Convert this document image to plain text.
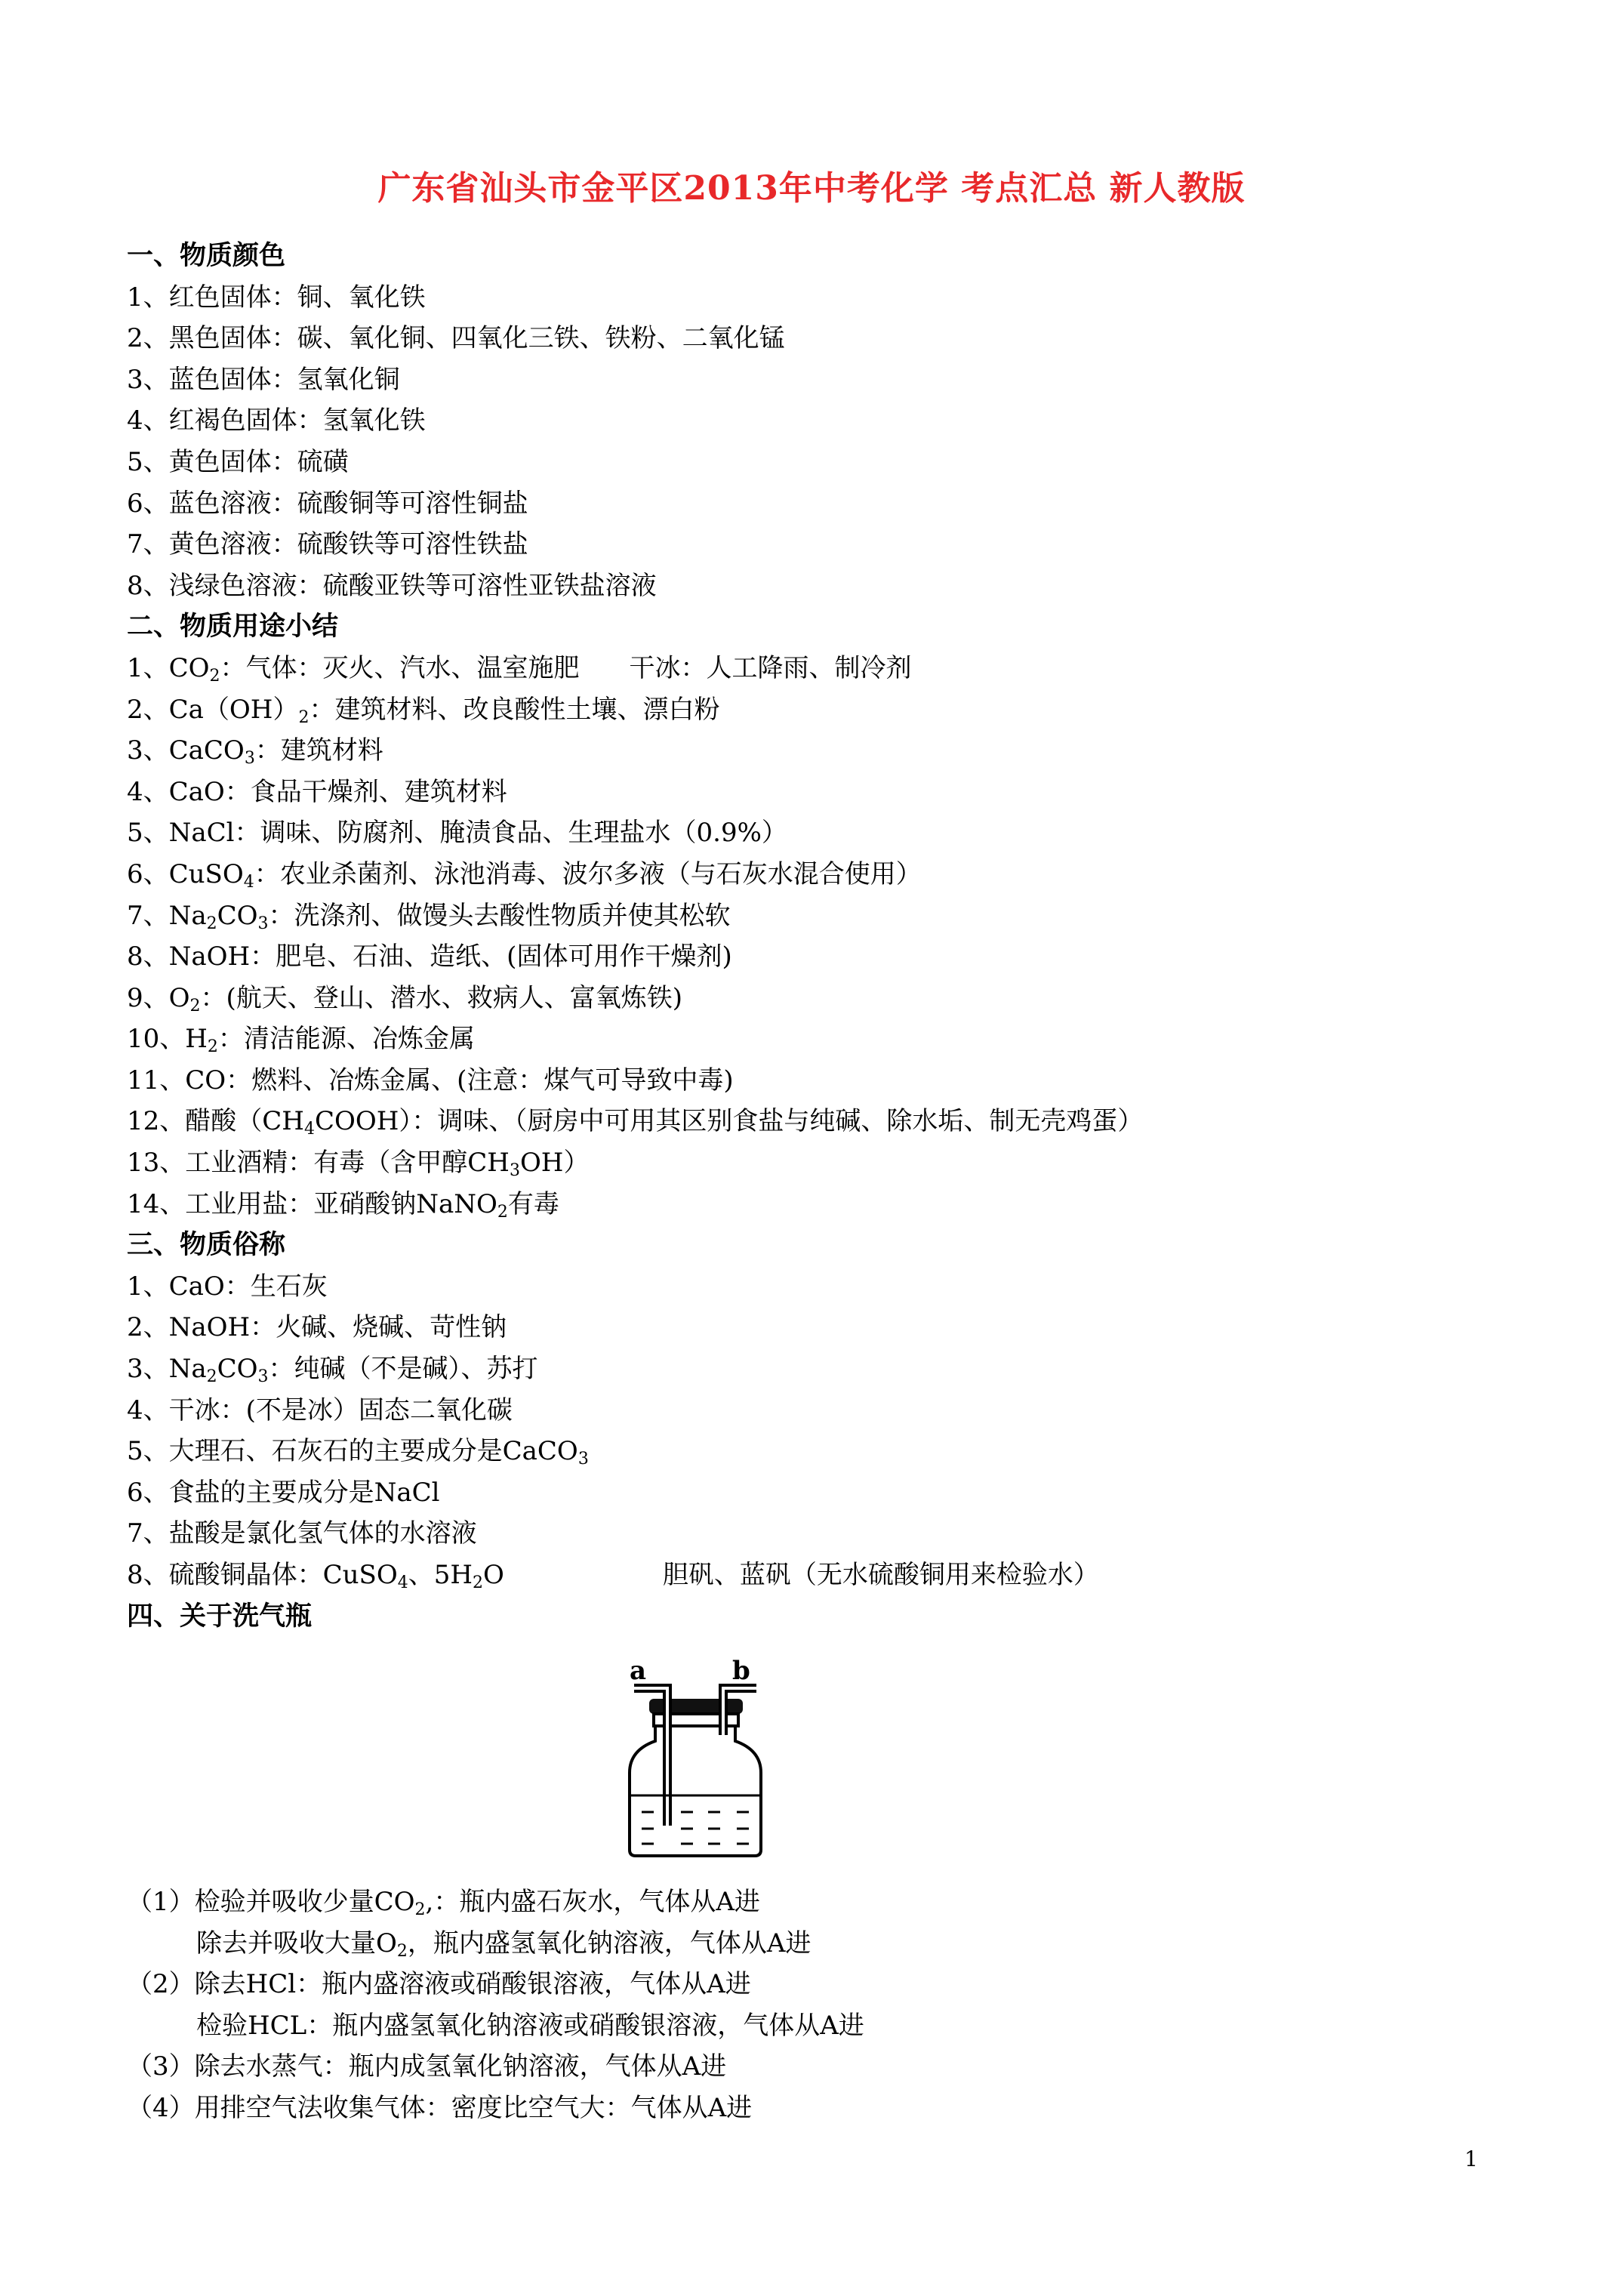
广东省汕头市金平区2013年中考化学 考点汇总 新人教版
一、物质颜色
1、红色固体：铜、氧化铁
2、黑色固体：碳、氧化铜、四氧化三铁、铁粉、二氧化锰
3、蓝色固体：氢氧化铜
4、红褐色固体：氢氧化铁
5、黄色固体：硫磺
6、蓝色溶液：硫酸铜等可溶性铜盐
7、黄色溶液：硫酸铁等可溶性铁盐
8、浅绿色溶液：硫酸亚铁等可溶性亚铁盐溶液
二、物质用途小结
1、$CO_2$：气体：灭火、汽水、温室施肥 干冰：人工降雨、制冷剂
2、$Ca(OH)_2$：建筑材料、改良酸性土壤、漂白粉
3、CaCO$_3$：建筑材料
4、CaO：食品干燥剂、建筑材料
5、NaCl：调味、防腐剂、腌渍食品、生理盐水（0.9%）
6、CuSO$_4$：农业杀菌剂、泳池消毒、波尔多液（与石灰水混合使用）
7、$Na_2CO_3$：洗涤剂、做馒头去酸性物质并使其松软
8、NaOH：肥皂、石油、造纸、(固体可用作干燥剂)
9、$O_2$：(航天、登山、潜水、救病人、富氧炼铁)
10、$H_2$：清洁能源、冶炼金属
11、CO：燃料、冶炼金属、(注意：煤气可导致中毒)
12、醋酸$(CH_4COOH)$：调味、（厨房中可用其区别食盐与纯碱、除水垢、制无壳鸡蛋）
13、工业酒精：有毒（含甲醇$CH_3OH$）
14、工业用盐：亚硝酸钠NaNO$_2$有毒
三、物质俗称
1、CaO：生石灰
2、NaOH：火碱、烧碱、苛性钠
3、$Na_2CO_3$：纯碱（不是碱）、苏打
4、干冰：(不是冰）固态二氧化碳
5、大理石、石灰石的主要成分是CaCO$_3$
6、食盐的主要成分是NaCl
7、盐酸是氯化氢气体的水溶液
8、硫酸铜晶体：CuSO$_4$、$5H_2O$	胆矾、蓝矾（无水硫酸铜用来检验水）
四、关于洗气瓶
a	b
（1）检验并吸收少量$CO_2$,：瓶内盛石灰水，气体从A进
除去并吸收大量$O_2$，瓶内盛氢氧化钠溶液，气体从A进
（2）除去HCl：瓶内盛溶液或硝酸银溶液，气体从A进
检验HCL：瓶内盛氢氧化钠溶液或硝酸银溶液，气体从A进
（3）除去水蒸气：瓶内成氢氧化钠溶液，气体从A进
（4）用排空气法收集气体：密度比空气大：气体从A进
1
